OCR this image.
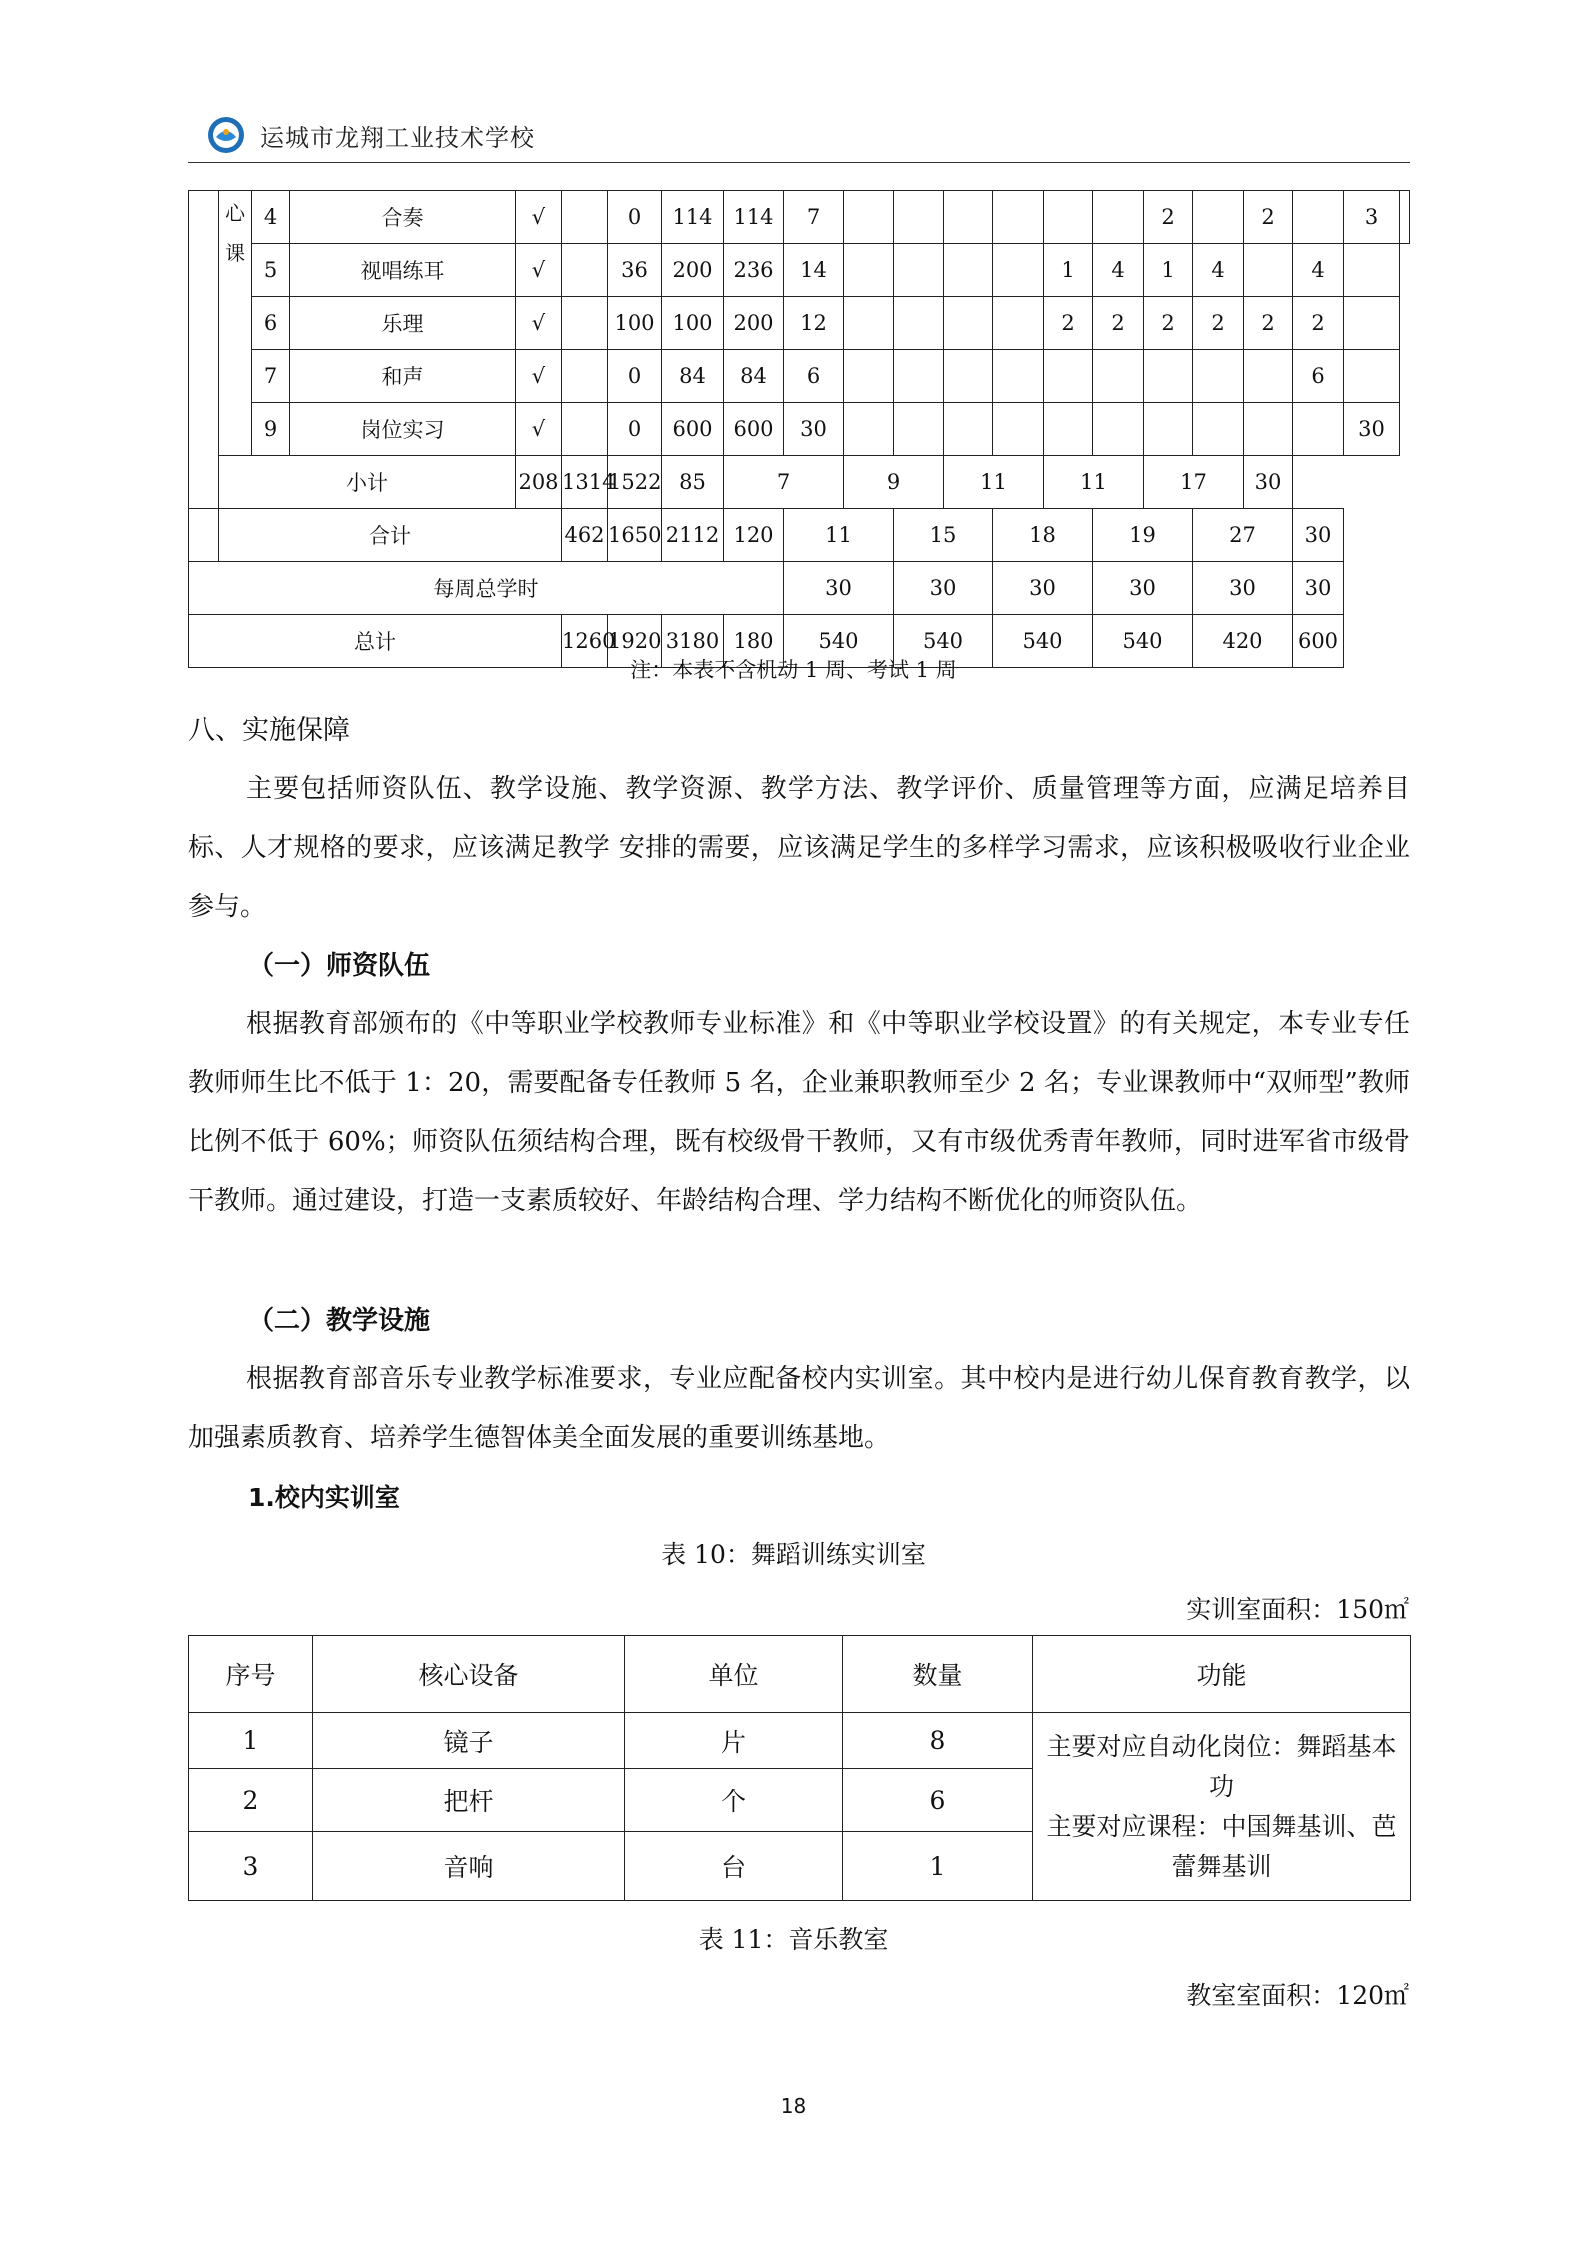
运城市龙翔工业技术学校
	心课	4	合奏	√		0	114	114	7							2		2		3	
		5	视唱练耳	√		36	200	236	14					1	4	1	4		4		
		6	乐理	√		100	100	200	12					2	2	2	2	2	2		
		7	和声	√		0	84	84	6										6		
		9	岗位实习	√		0	600	600	30											30	
	小计			208	1314	1522	85	7		9		11		11		17		30			
	合计				462	1650	2112	120	11		15		18		19		27		30		
每周总学时									30		30		30		30		30		30		
总计					1260	1920	3180	180	540		540		540		540		420		600		
注：本表不含机动 1 周、考试 1 周
八、实施保障
主要包括师资队伍、教学设施、教学资源、教学方法、教学评价、质量管理等方面，应满足培养目标、人才规格的要求，应该满足教学 安排的需要，应该满足学生的多样学习需求，应该积极吸收行业企业参与。
（一）师资队伍
根据教育部颁布的《中等职业学校教师专业标准》和《中等职业学校设置》的有关规定，本专业专任教师师生比不低于 1：20，需要配备专任教师 5 名，企业兼职教师至少 2 名；专业课教师中“双师型”教师比例不低于 60%；师资队伍须结构合理，既有校级骨干教师，又有市级优秀青年教师，同时进军省市级骨干教师。通过建设，打造一支素质较好、年龄结构合理、学力结构不断优化的师资队伍。
（二）教学设施
根据教育部音乐专业教学标准要求，专业应配备校内实训室。其中校内是进行幼儿保育教育教学，以加强素质教育、培养学生德智体美全面发展的重要训练基地。
1.校内实训室
表 10：舞蹈训练实训室
实训室面积：150㎡
序号	核心设备	单位	数量	功能
1	镜子	片	8	主要对应自动化岗位：舞蹈基本功
主要对应课程：中国舞基训、芭蕾舞基训

2	把杆	个	6	
3	音响	台	1	
表 11：音乐教室
教室室面积：120㎡
18
